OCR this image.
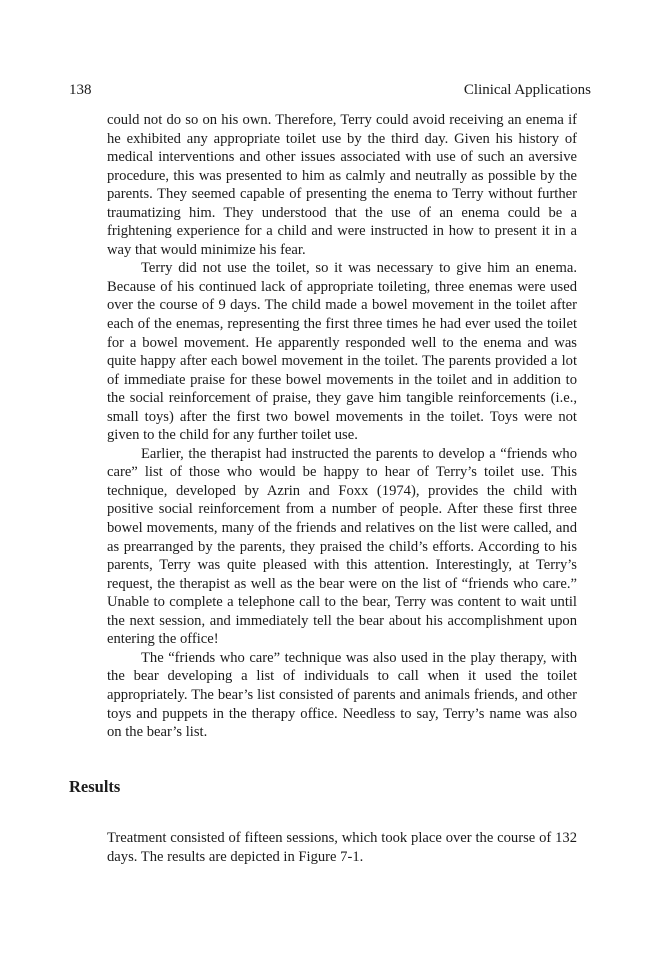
138	Clinical Applications

could not do so on his own. Therefore, Terry could avoid receiving an enema if he exhibited any appropriate toilet use by the third day. Given his history of medical interventions and other issues associated with use of such an aversive procedure, this was presented to him as calmly and neutrally as possible by the parents. They seemed capable of presenting the enema to Terry without further traumatizing him. They understood that the use of an enema could be a frightening experience for a child and were instructed in how to present it in a way that would minimize his fear.

Terry did not use the toilet, so it was necessary to give him an enema. Because of his continued lack of appropriate toileting, three enemas were used over the course of 9 days. The child made a bowel movement in the toilet after each of the enemas, representing the first three times he had ever used the toilet for a bowel movement. He apparently responded well to the enema and was quite happy after each bowel movement in the toilet. The parents provided a lot of immediate praise for these bowel movements in the toilet and in addition to the social reinforcement of praise, they gave him tangible reinforcements (i.e., small toys) after the first two bowel movements in the toilet. Toys were not given to the child for any further toilet use.

Earlier, the therapist had instructed the parents to develop a “friends who care” list of those who would be happy to hear of Terry’s toilet use. This technique, developed by Azrin and Foxx (1974), provides the child with positive social reinforcement from a number of people. After these first three bowel movements, many of the friends and relatives on the list were called, and as prearranged by the parents, they praised the child’s efforts. According to his parents, Terry was quite pleased with this attention. Interestingly, at Terry’s request, the therapist as well as the bear were on the list of “friends who care.” Unable to complete a telephone call to the bear, Terry was content to wait until the next session, and immediately tell the bear about his accomplishment upon entering the office!

The “friends who care” technique was also used in the play therapy, with the bear developing a list of individuals to call when it used the toilet appropriately. The bear’s list consisted of parents and animals friends, and other toys and puppets in the therapy office. Needless to say, Terry’s name was also on the bear’s list.

Results

Treatment consisted of fifteen sessions, which took place over the course of 132 days. The results are depicted in Figure 7-1.
